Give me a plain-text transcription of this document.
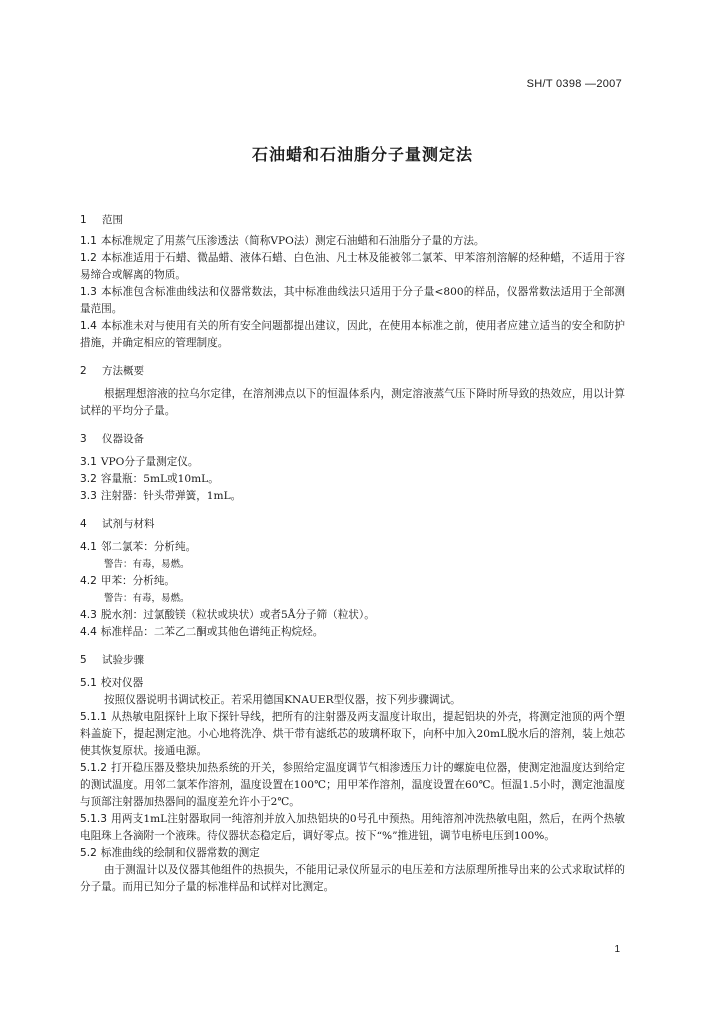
SH/T 0398 —2007
石油蜡和石油脂分子量测定法
1 范围

1.1 本标准规定了用蒸气压渗透法（简称VPO法）测定石油蜡和石油脂分子量的方法。

1.2 本标准适用于石蜡、微晶蜡、液体石蜡、白色油、凡士林及能被邻二氯苯、甲苯溶剂溶解的烃种蜡，不适用于容易缔合或解离的物质。

1.3 本标准包含标准曲线法和仪器常数法，其中标准曲线法只适用于分子量<800的样品，仪器常数法适用于全部测量范围。

1.4 本标准未对与使用有关的所有安全问题都提出建议，因此，在使用本标准之前，使用者应建立适当的安全和防护措施，并确定相应的管理制度。

2 方法概要

根据理想溶液的拉乌尔定律，在溶剂沸点以下的恒温体系内，测定溶液蒸气压下降时所导致的热效应，用以计算试样的平均分子量。

3 仪器设备

3.1 VPO分子量测定仪。

3.2 容量瓶：5mL或10mL。

3.3 注射器：针头带弹簧，1mL。

4 试剂与材料

4.1 邻二氯苯：分析纯。

警告：有毒，易燃。

4.2 甲苯：分析纯。

警告：有毒，易燃。

4.3 脱水剂：过氯酸镁（粒状或块状）或者5Å分子筛（粒状）。

4.4 标准样品：二苯乙二酮或其他色谱纯正构烷烃。

5 试验步骤

5.1 校对仪器

按照仪器说明书调试校正。若采用德国KNAUER型仪器，按下列步骤调试。

5.1.1 从热敏电阻探针上取下探针导线，把所有的注射器及两支温度计取出，提起铝块的外壳，将测定池顶的两个塑料盖旋下，提起测定池。小心地将洗净、烘干带有滤纸芯的玻璃杯取下，向杯中加入20mL脱水后的溶剂，装上烛芯使其恢复原状。接通电源。

5.1.2 打开稳压器及整块加热系统的开关，参照给定温度调节气相渗透压力计的螺旋电位器，使测定池温度达到给定的测试温度。用邻二氯苯作溶剂，温度设置在100℃；用甲苯作溶剂，温度设置在60℃。恒温1.5小时，测定池温度与顶部注射器加热器间的温度差允许小于2℃。

5.1.3 用两支1mL注射器取同一纯溶剂并放入加热铝块的0号孔中预热。用纯溶剂冲洗热敏电阻，然后，在两个热敏电阻珠上各滴附一个液珠。待仪器状态稳定后，调好零点。按下“%”推进钮，调节电桥电压到100%。

5.2 标准曲线的绘制和仪器常数的测定

由于测温计以及仪器其他组件的热损失，不能用记录仪所显示的电压差和方法原理所推导出来的公式求取试样的分子量。而用已知分子量的标准样品和试样对比测定。

1
